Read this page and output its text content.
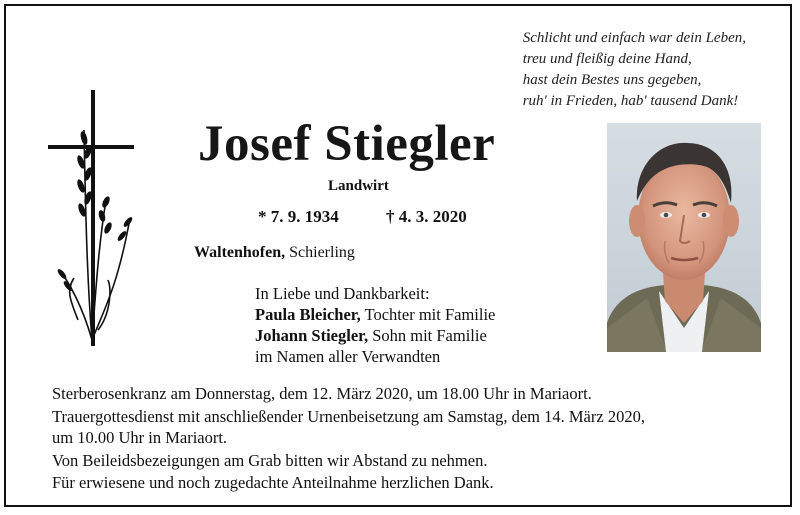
Schlicht und einfach war dein Leben,
treu und fleißig deine Hand,
hast dein Bestes uns gegeben,
ruh' in Frieden, hab' tausend Dank!
Josef Stiegler
Landwirt
* 7. 9. 1934	† 4. 3. 2020
Waltenhofen, Schierling
In Liebe und Dankbarkeit:
Paula Bleicher, Tochter mit Familie
Johann Stiegler, Sohn mit Familie
im Namen aller Verwandten
Sterberosenkranz am Donnerstag, dem 12. März 2020, um 18.00 Uhr in Mariaort.
Trauergottesdienst mit anschließender Urnenbeisetzung am Samstag, dem 14. März 2020,
um 10.00 Uhr in Mariaort.
Von Beileidsbezeigungen am Grab bitten wir Abstand zu nehmen.
Für erwiesene und noch zugedachte Anteilnahme herzlichen Dank.
